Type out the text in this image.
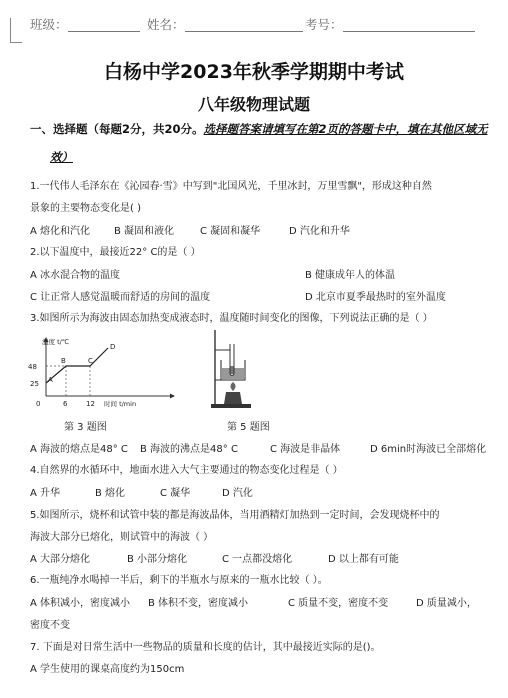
班级：	姓名：	考号：
白杨中学2023年秋季学期期中考试
八年级物理试题
一、选择题（每题2分，共20分。选择题答案请填写在第2页的答题卡中，填在其他区域无
效）
1.一代伟人毛泽东在《沁园春·雪》中写到"北国风光，千里冰封，万里雪飘"，形成这种自然
景象的主要物态变化是( )
A 熔化和汽化 B 凝固和液化	C 凝固和凝华	D 汽化和升华
2.以下温度中，最接近22° C的是（ ）
A 冰水混合物的温度	B 健康成年人的体温
C 让正常人感觉温暖而舒适的房间的温度	D 北京市夏季最热时的室外温度
3.如图所示为海波由固态加热变成液态时，温度随时间变化的图像，下列说法正确的是（ ）
温度 t/℃
48
25
0	6	12 时间 t/min
A
B	C
D
第 3 题图	第 5 题图
A 海波的熔点是48° C B 海波的沸点是48° C	C 海波是非晶体	D 6min时海波已全部熔化
4.自然界的水循环中，地面水进入大气主要通过的物态变化过程是（ ）
A 升华	B 熔化	C 凝华	D 汽化
5.如图所示，烧杯和试管中装的都是海波晶体，当用酒精灯加热到一定时间，会发现烧杯中的
海波大部分已熔化，则试管中的海波（ ）
A 大部分熔化	B 小部分熔化	C 一点都没熔化	D 以上都有可能
6.一瓶纯净水喝掉一半后，剩下的半瓶水与原来的一瓶水比较（ ）。
A 体积减小，密度减小 B 体积不变，密度减小	C 质量不变，密度不变	D 质量减小，
密度不变
7. 下面是对日常生活中一些物品的质量和长度的估计，其中最接近实际的是()。
A 学生使用的课桌高度约为150cm
